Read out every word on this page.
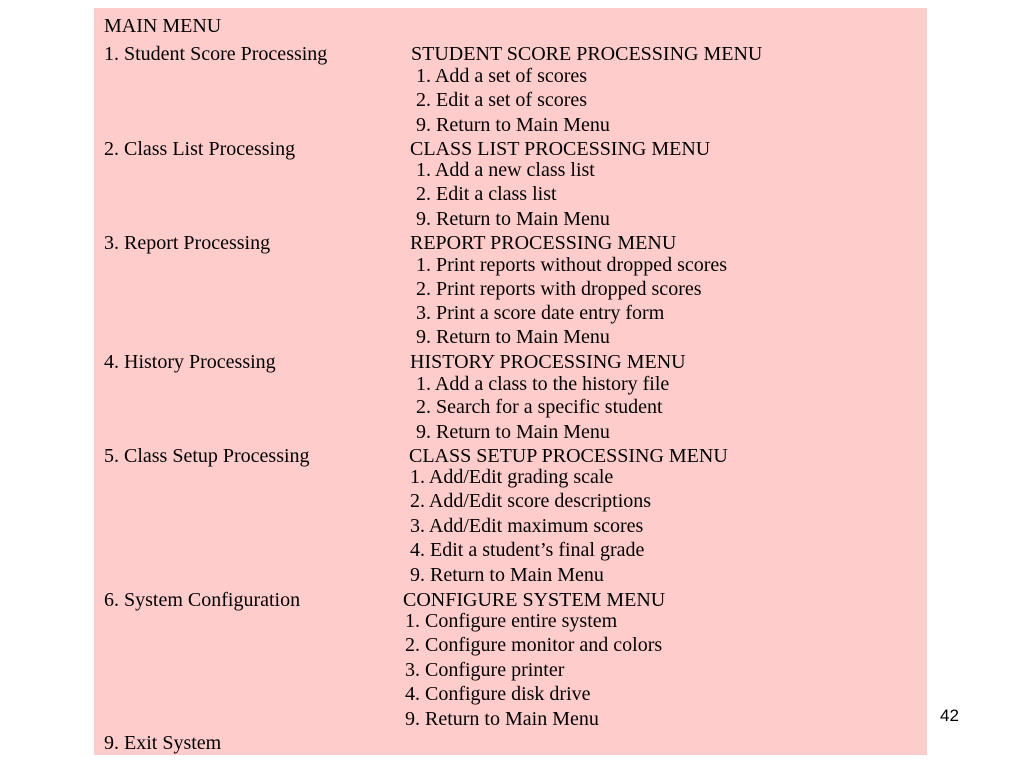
MAIN MENU

1. Student Score Processing

2. Class List Processing

3. Report Processing

4. History Processing

5. Class Setup Processing

6. System Configuration

9. Exit System

STUDENT SCORE PROCESSING MENU

1. Add a set of scores

2. Edit a set of scores

9. Return to Main Menu

CLASS LIST PROCESSING MENU

1. Add a new class list

2. Edit a class list

9. Return to Main Menu

REPORT PROCESSING MENU

1. Print reports without dropped scores

2. Print reports with dropped scores

3. Print a score date entry form

9. Return to Main Menu

HISTORY PROCESSING MENU

1. Add a class to the history file

2. Search for a specific student

9. Return to Main Menu

CLASS SETUP PROCESSING MENU

1. Add/Edit grading scale

2. Add/Edit score descriptions

3. Add/Edit maximum scores

4. Edit a student’s final grade

9. Return to Main Menu

CONFIGURE SYSTEM MENU

1. Configure entire system

2. Configure monitor and colors

3. Configure printer

4. Configure disk drive

9. Return to Main Menu	42
